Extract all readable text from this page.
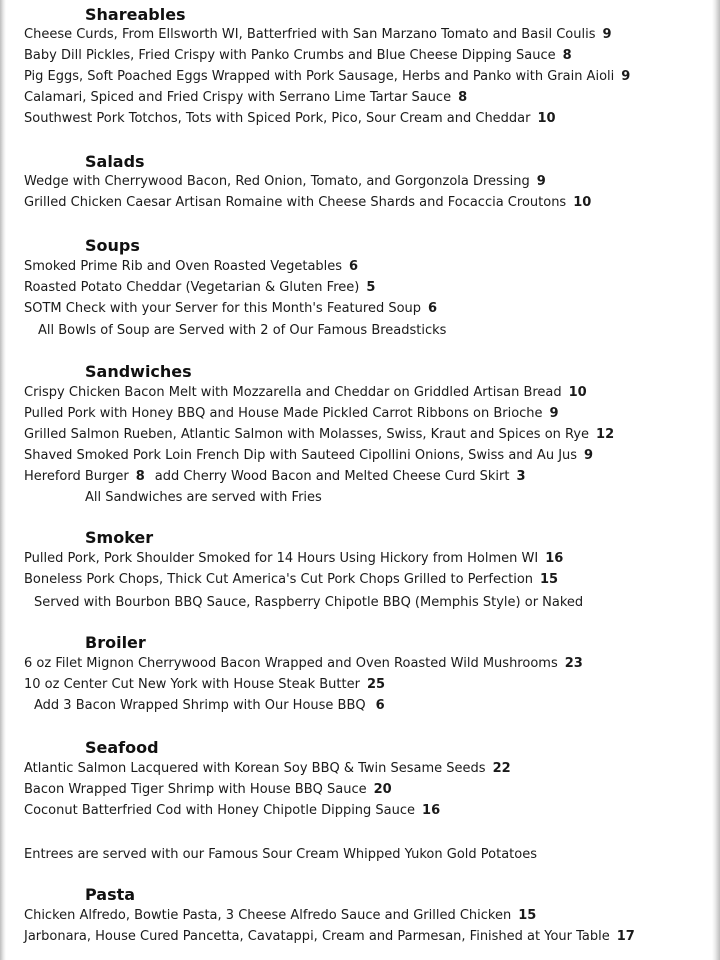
Shareables
Cheese Curds, From Ellsworth WI, Batterfried with San Marzano Tomato and Basil Coulis 9
Baby Dill Pickles, Fried Crispy with Panko Crumbs and Blue Cheese Dipping Sauce 8
Pig Eggs, Soft Poached Eggs Wrapped with Pork Sausage, Herbs and Panko with Grain Aioli 9
Calamari, Spiced and Fried Crispy with Serrano Lime Tartar Sauce 8
Southwest Pork Totchos, Tots with Spiced Pork, Pico, Sour Cream and Cheddar 10
Salads
Wedge with Cherrywood Bacon, Red Onion, Tomato, and Gorgonzola Dressing 9
Grilled Chicken Caesar Artisan Romaine with Cheese Shards and Focaccia Croutons 10
Soups
Smoked Prime Rib and Oven Roasted Vegetables 6
Roasted Potato Cheddar (Vegetarian & Gluten Free) 5
SOTM Check with your Server for this Month's Featured Soup 6
All Bowls of Soup are Served with 2 of Our Famous Breadsticks
Sandwiches
Crispy Chicken Bacon Melt with Mozzarella and Cheddar on Griddled Artisan Bread 10
Pulled Pork with Honey BBQ and House Made Pickled Carrot Ribbons on Brioche 9
Grilled Salmon Rueben, Atlantic Salmon with Molasses, Swiss, Kraut and Spices on Rye 12
Shaved Smoked Pork Loin French Dip with Sauteed Cipollini Onions, Swiss and Au Jus 9
Hereford Burger 8 add Cherry Wood Bacon and Melted Cheese Curd Skirt 3
All Sandwiches are served with Fries
Smoker
Pulled Pork, Pork Shoulder Smoked for 14 Hours Using Hickory from Holmen WI 16
Boneless Pork Chops, Thick Cut America's Cut Pork Chops Grilled to Perfection 15
Served with Bourbon BBQ Sauce, Raspberry Chipotle BBQ (Memphis Style) or Naked
Broiler
6 oz Filet Mignon Cherrywood Bacon Wrapped and Oven Roasted Wild Mushrooms 23
10 oz Center Cut New York with House Steak Butter 25
Add 3 Bacon Wrapped Shrimp with Our House BBQ 6
Seafood
Atlantic Salmon Lacquered with Korean Soy BBQ & Twin Sesame Seeds 22
Bacon Wrapped Tiger Shrimp with House BBQ Sauce 20
Coconut Batterfried Cod with Honey Chipotle Dipping Sauce 16
Entrees are served with our Famous Sour Cream Whipped Yukon Gold Potatoes
Pasta
Chicken Alfredo, Bowtie Pasta, 3 Cheese Alfredo Sauce and Grilled Chicken 15
Jarbonara, House Cured Pancetta, Cavatappi, Cream and Parmesan, Finished at Your Table 17
